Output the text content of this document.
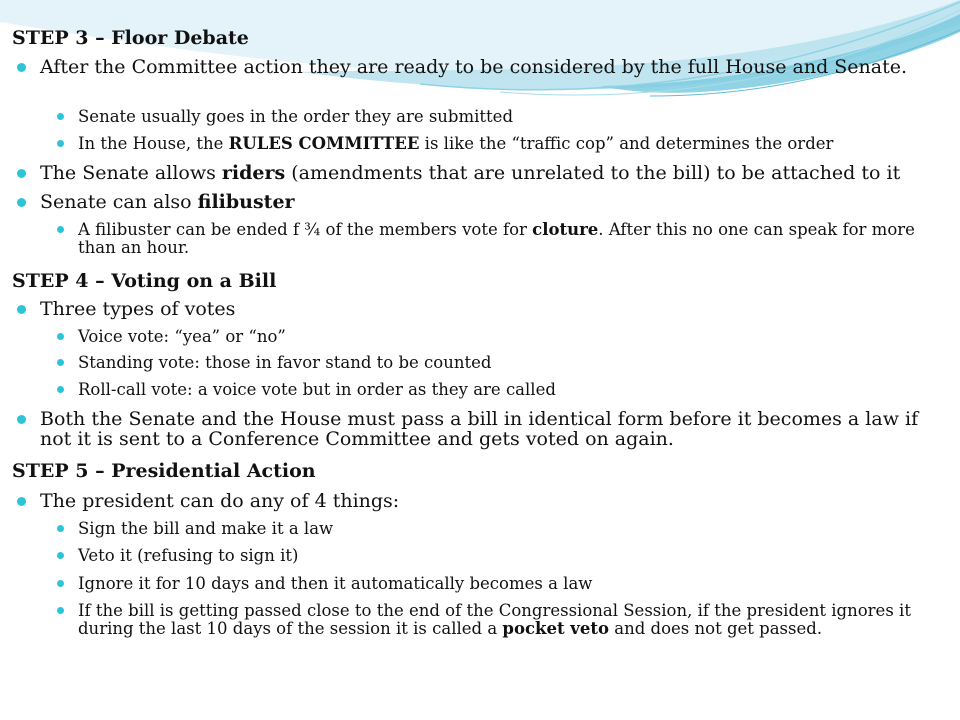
STEP 3 – Floor Debate
After the Committee action they are ready to be considered by the full House and Senate.
Senate usually goes in the order they are submitted
In the House, the RULES COMMITTEE is like the “traffic cop” and determines the order
The Senate allows riders (amendments that are unrelated to the bill) to be attached to it
Senate can also filibuster
A filibuster can be ended f ¾ of the members vote for cloture. After this no one can speak for more than an hour.
STEP 4 – Voting on a Bill
Three types of votes
Voice vote: “yea” or “no”
Standing vote: those in favor stand to be counted
Roll-call vote: a voice vote but in order as they are called
Both the Senate and the House must pass a bill in identical form before it becomes a law if not it is sent to a Conference Committee and gets voted on again.
STEP 5 – Presidential Action
The president can do any of 4 things:
Sign the bill and make it a law
Veto it (refusing to sign it)
Ignore it for 10 days and then it automatically becomes a law
If the bill is getting passed close to the end of the Congressional Session, if the president ignores it during the last 10 days of the session it is called a pocket veto and does not get passed.
